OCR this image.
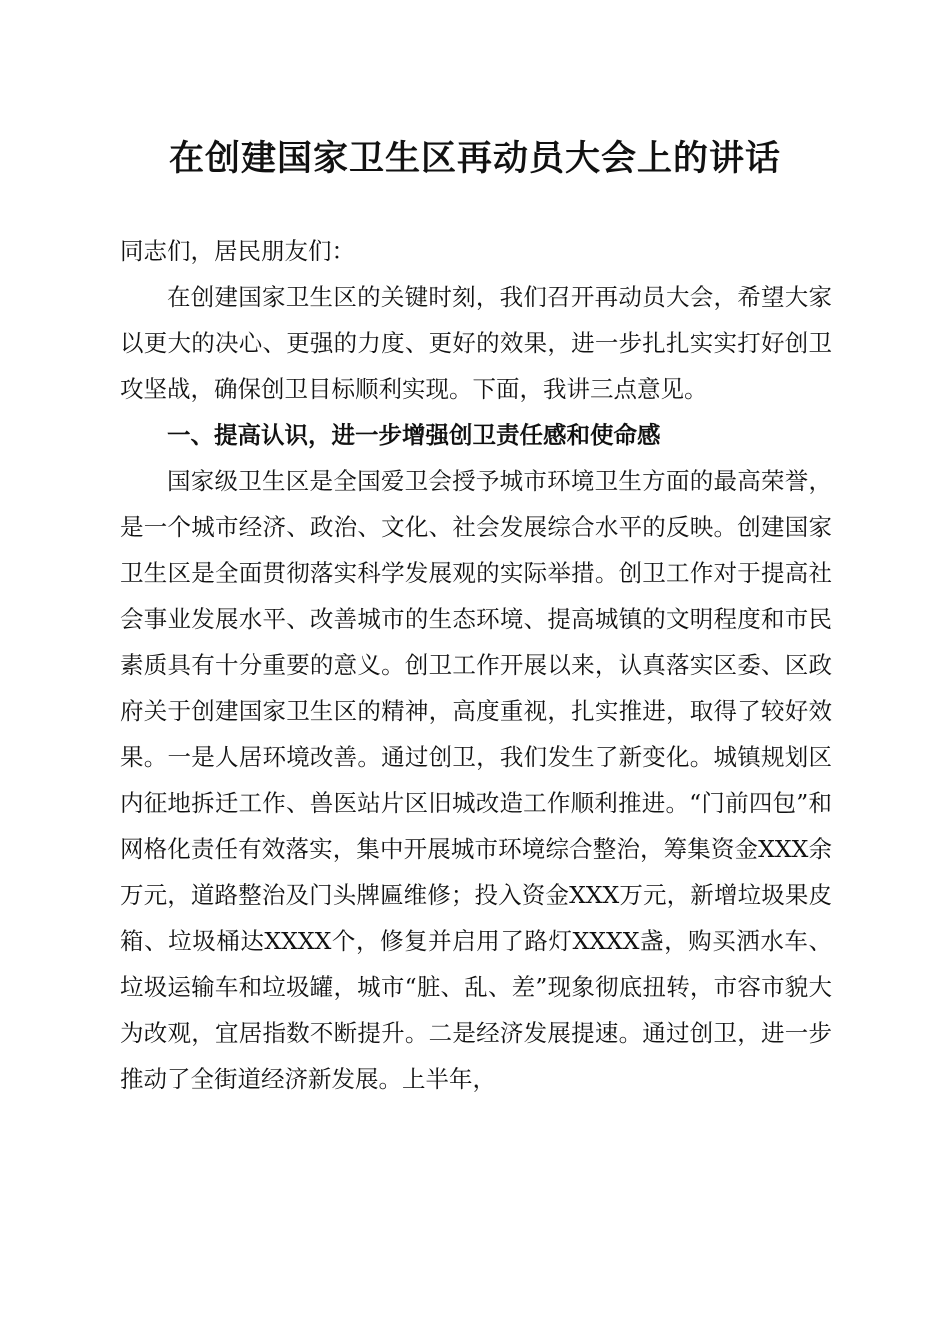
在创建国家卫生区再动员大会上的讲话

同志们，居民朋友们：

在创建国家卫生区的关键时刻，我们召开再动员大会，希望大家以更大的决心、更强的力度、更好的效果，进一步扎扎实实打好创卫攻坚战，确保创卫目标顺利实现。下面，我讲三点意见。

一、提高认识，进一步增强创卫责任感和使命感

国家级卫生区是全国爱卫会授予城市环境卫生方面的最高荣誉，是一个城市经济、政治、文化、社会发展综合水平的反映。创建国家卫生区是全面贯彻落实科学发展观的实际举措。创卫工作对于提高社会事业发展水平、改善城市的生态环境、提高城镇的文明程度和市民素质具有十分重要的意义。创卫工作开展以来，认真落实区委、区政府关于创建国家卫生区的精神，高度重视，扎实推进，取得了较好效果。一是人居环境改善。通过创卫，我们发生了新变化。城镇规划区内征地拆迁工作、兽医站片区旧城改造工作顺利推进。“门前四包”和网格化责任有效落实，集中开展城市环境综合整治，筹集资金XXX余万元，道路整治及门头牌匾维修；投入资金XXX万元，新增垃圾果皮箱、垃圾桶达XXXX个，修复并启用了路灯XXXX盏，购买洒水车、垃圾运输车和垃圾罐，城市“脏、乱、差”现象彻底扭转，市容市貌大为改观，宜居指数不断提升。二是经济发展提速。通过创卫，进一步推动了全街道经济新发展。上半年，
